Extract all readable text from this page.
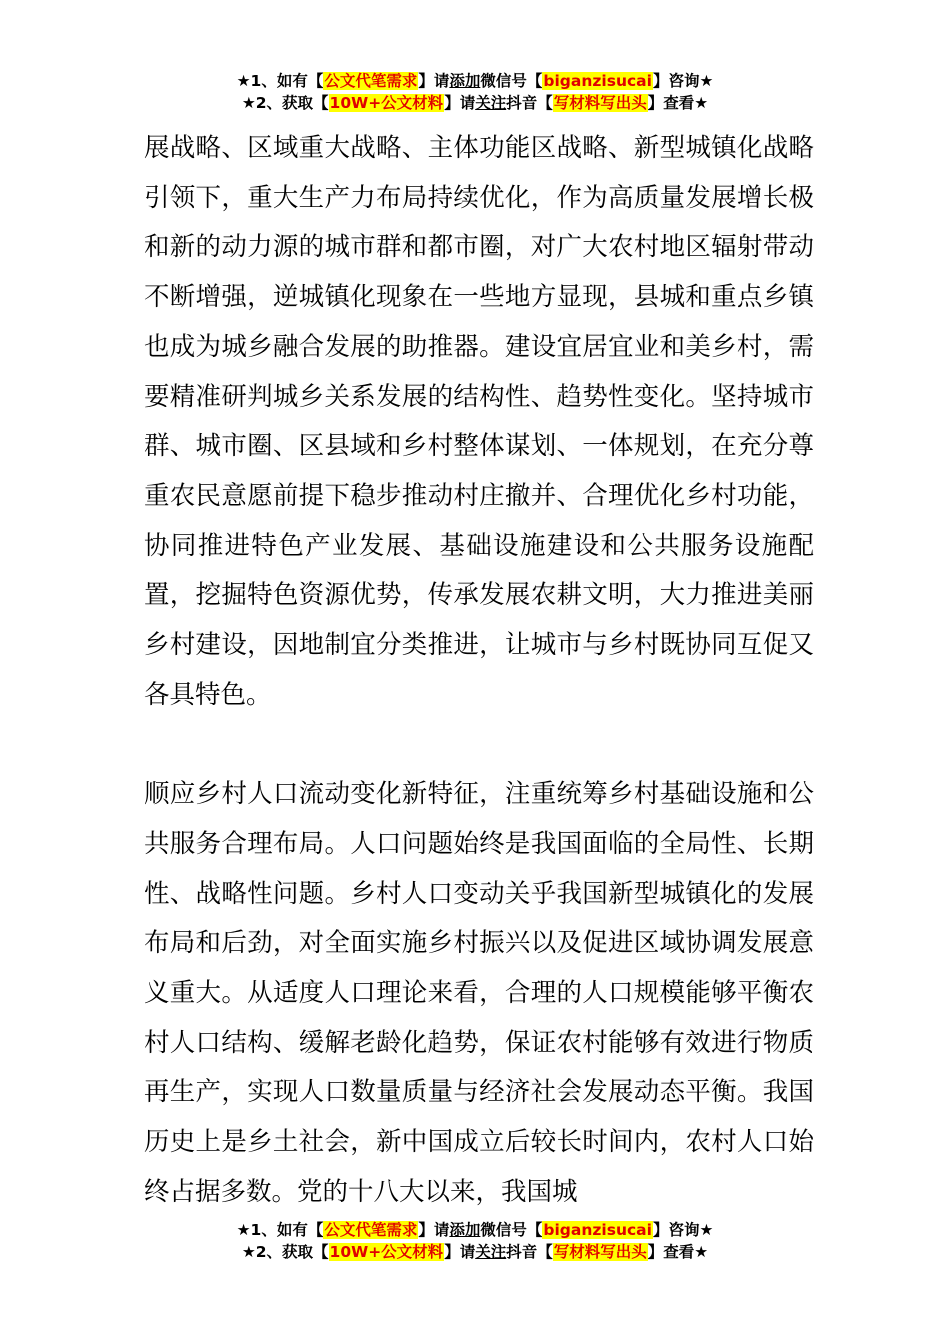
★1、如有【公文代笔需求】请添加微信号【biganzisucai】咨询★
★2、获取【10W+公文材料】请关注抖音【写材料写出头】查看★

展战略、区域重大战略、主体功能区战略、新型城镇化战略引领下，重大生产力布局持续优化，作为高质量发展增长极和新的动力源的城市群和都市圈，对广大农村地区辐射带动不断增强，逆城镇化现象在一些地方显现，县城和重点乡镇也成为城乡融合发展的助推器。建设宜居宜业和美乡村，需要精准研判城乡关系发展的结构性、趋势性变化。坚持城市群、城市圈、区县域和乡村整体谋划、一体规划，在充分尊重农民意愿前提下稳步推动村庄撤并、合理优化乡村功能，协同推进特色产业发展、基础设施建设和公共服务设施配置，挖掘特色资源优势，传承发展农耕文明，大力推进美丽乡村建设，因地制宜分类推进，让城市与乡村既协同互促又各具特色。

顺应乡村人口流动变化新特征，注重统筹乡村基础设施和公共服务合理布局。人口问题始终是我国面临的全局性、长期性、战略性问题。乡村人口变动关乎我国新型城镇化的发展布局和后劲，对全面实施乡村振兴以及促进区域协调发展意义重大。从适度人口理论来看，合理的人口规模能够平衡农村人口结构、缓解老龄化趋势，保证农村能够有效进行物质再生产，实现人口数量质量与经济社会发展动态平衡。我国历史上是乡土社会，新中国成立后较长时间内，农村人口始终占据多数。党的十八大以来，我国城

★1、如有【公文代笔需求】请添加微信号【biganzisucai】咨询★
★2、获取【10W+公文材料】请关注抖音【写材料写出头】查看★
